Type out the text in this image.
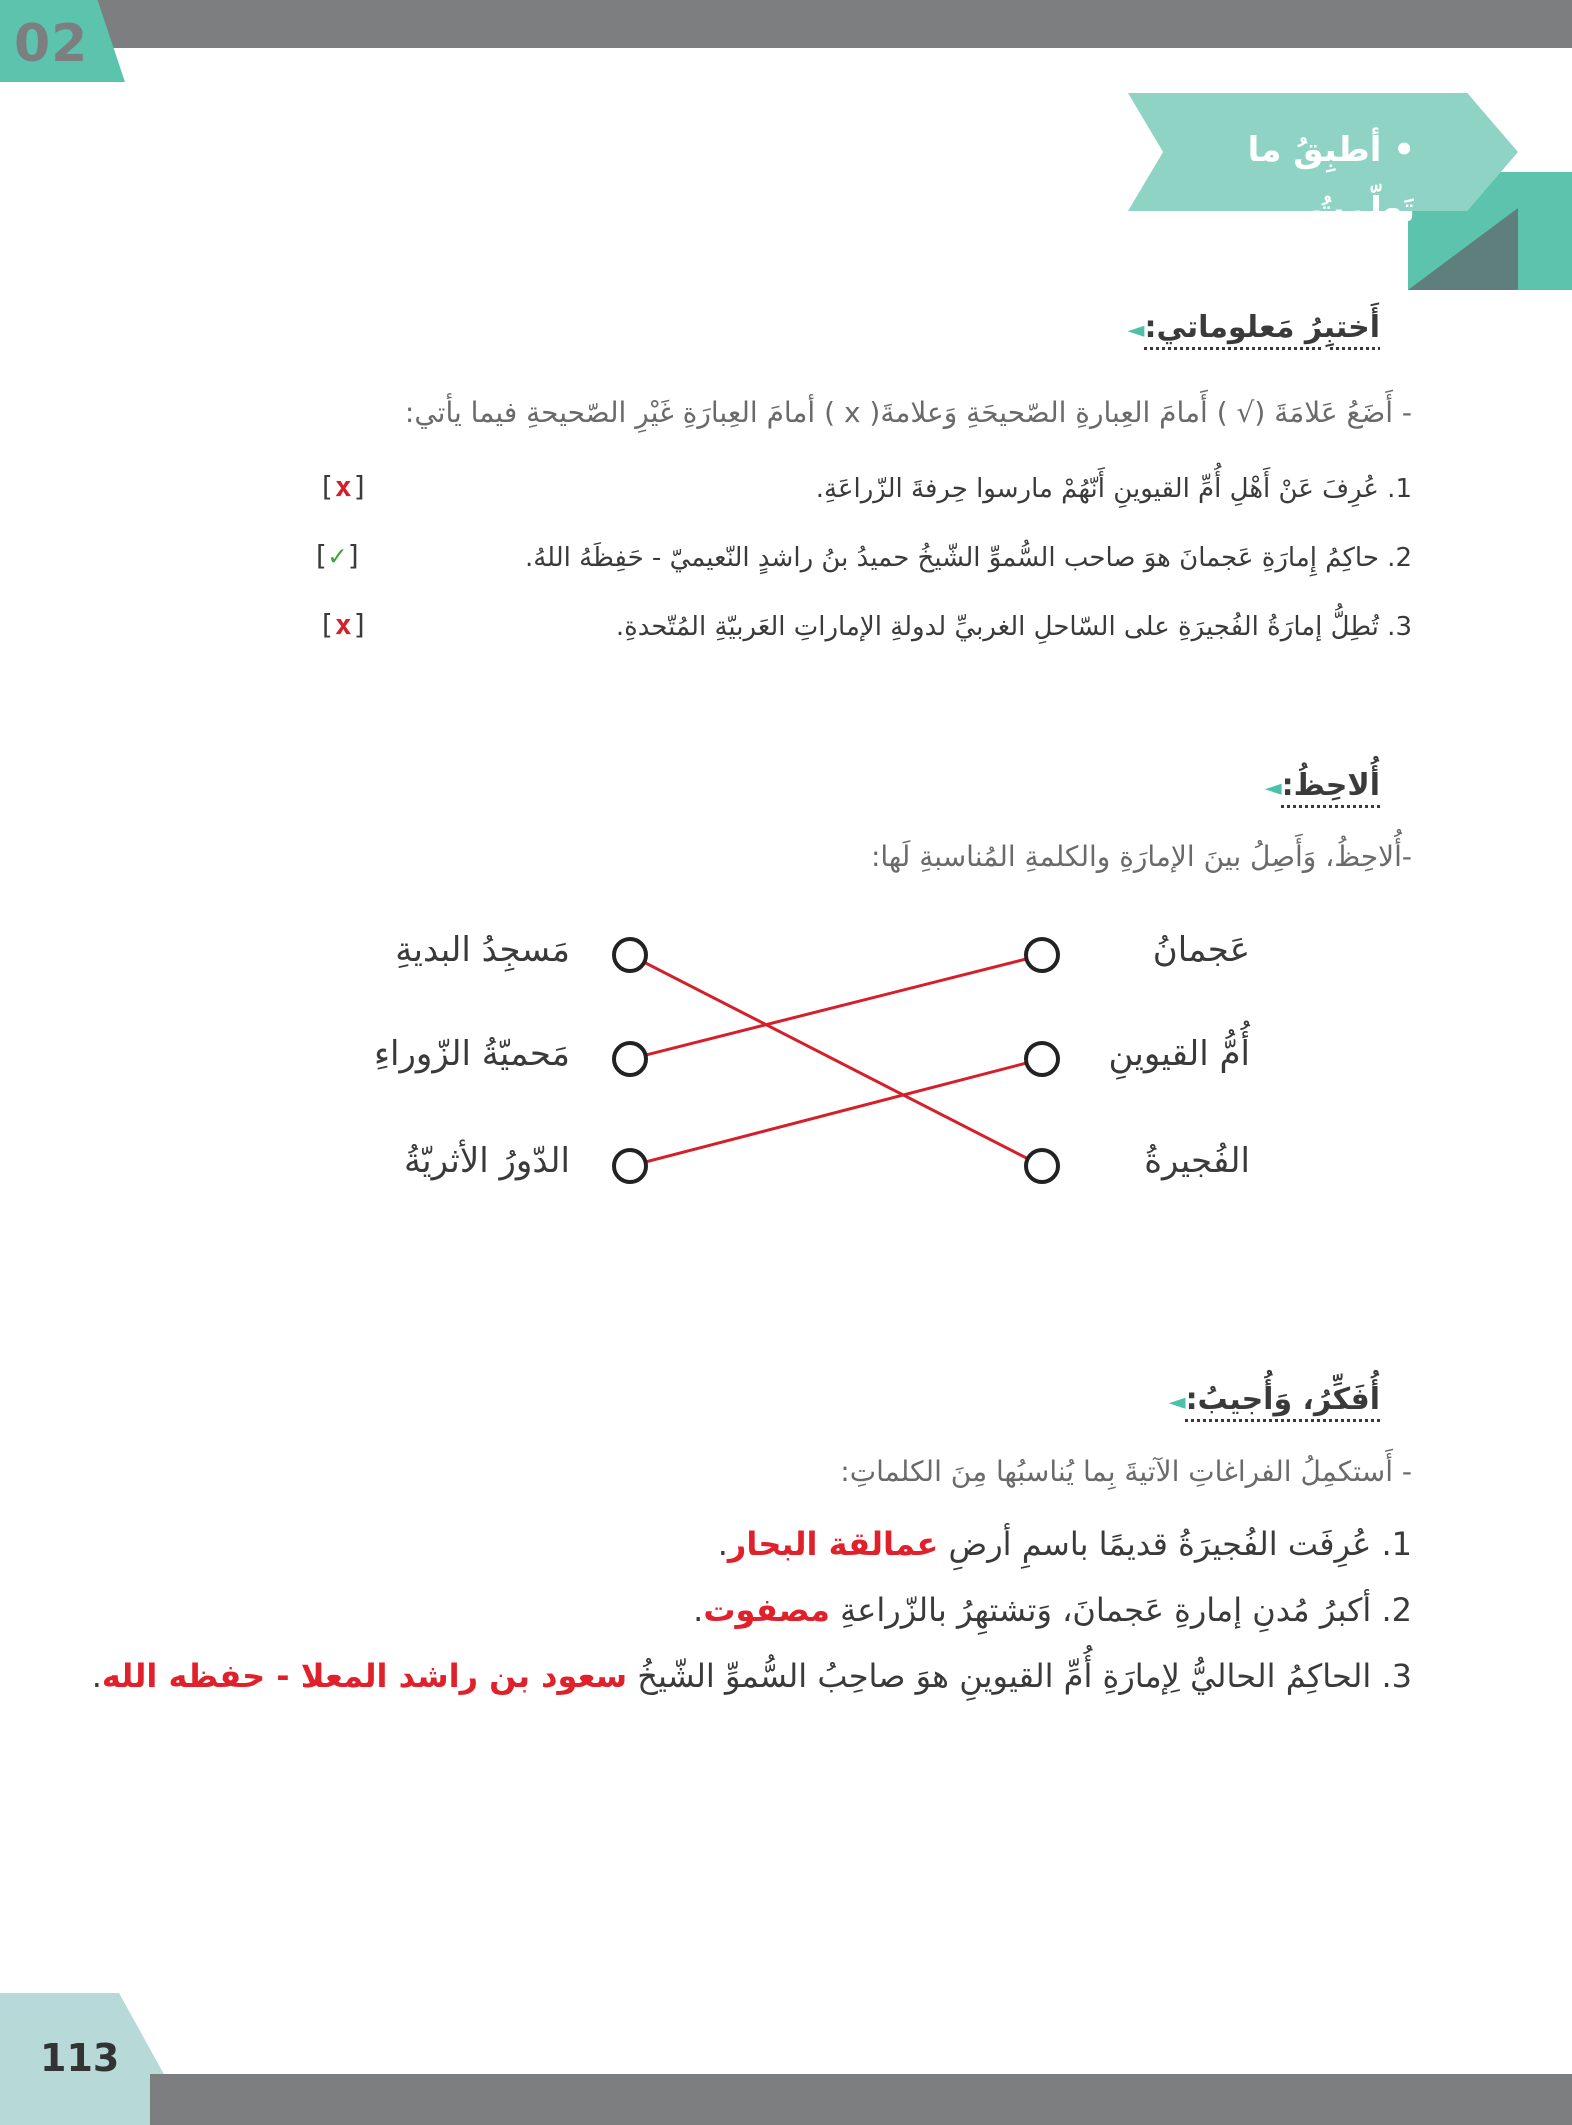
02
• أطبِقُ ما تَعلّمتُ
أَختبِرُ مَعلوماتي:◄
- أَضَعُ عَلامَةَ (√ ) أَمامَ العِبارةِ الصّحيحَةِ وَعلامةَ( x ) أمامَ العِبارَةِ غَيْرِ الصّحيحةِ فيما يأتي:
1. عُرِفَ عَنْ أَهْلِ أُمِّ القيوينِ أَنّهُمْ مارسوا حِرفةَ الزّراعَةِ.
[x]
2. حاكِمُ إِمارَةِ عَجمانَ هوَ صاحب السُّموِّ الشّيخُ حميدُ بنُ راشدٍ النّعيميّ - حَفِظَهُ اللهُ.
[✓]
3. تُطِلُّ إمارَةُ الفُجيرَةِ على السّاحلِ الغربيِّ لدولةِ الإماراتِ العَربيّةِ المُتّحدةِ.
[x]
أُلاحِظُ:◄
-أُلاحِظُ، وَأَصِلُ بينَ الإمارَةِ والكلمةِ المُناسبةِ لَها:
عَجمانُ
أُمُّ القيوينِ
الفُجيرةُ
مَسجِدُ البديةِ
مَحميّةُ الزّوراءِ
الدّورُ الأثريّةُ
أُفَكِّرُ، وَأُجيبُ:◄
- أَستكمِلُ الفراغاتِ الآتيةَ بِما يُناسبُها مِنَ الكلماتِ:
1. عُرِفَت الفُجيرَةُ قديمًا باسمِ أرضِ عمالقة البحار.
2. أكبرُ مُدنِ إمارةِ عَجمانَ، وَتشتهِرُ بالزّراعةِ مصفوت.
3. الحاكِمُ الحاليُّ لِإمارَةِ أُمِّ القيوينِ هوَ صاحِبُ السُّموِّ الشّيخُ سعود بن راشد المعلا - حفظه الله.
113
